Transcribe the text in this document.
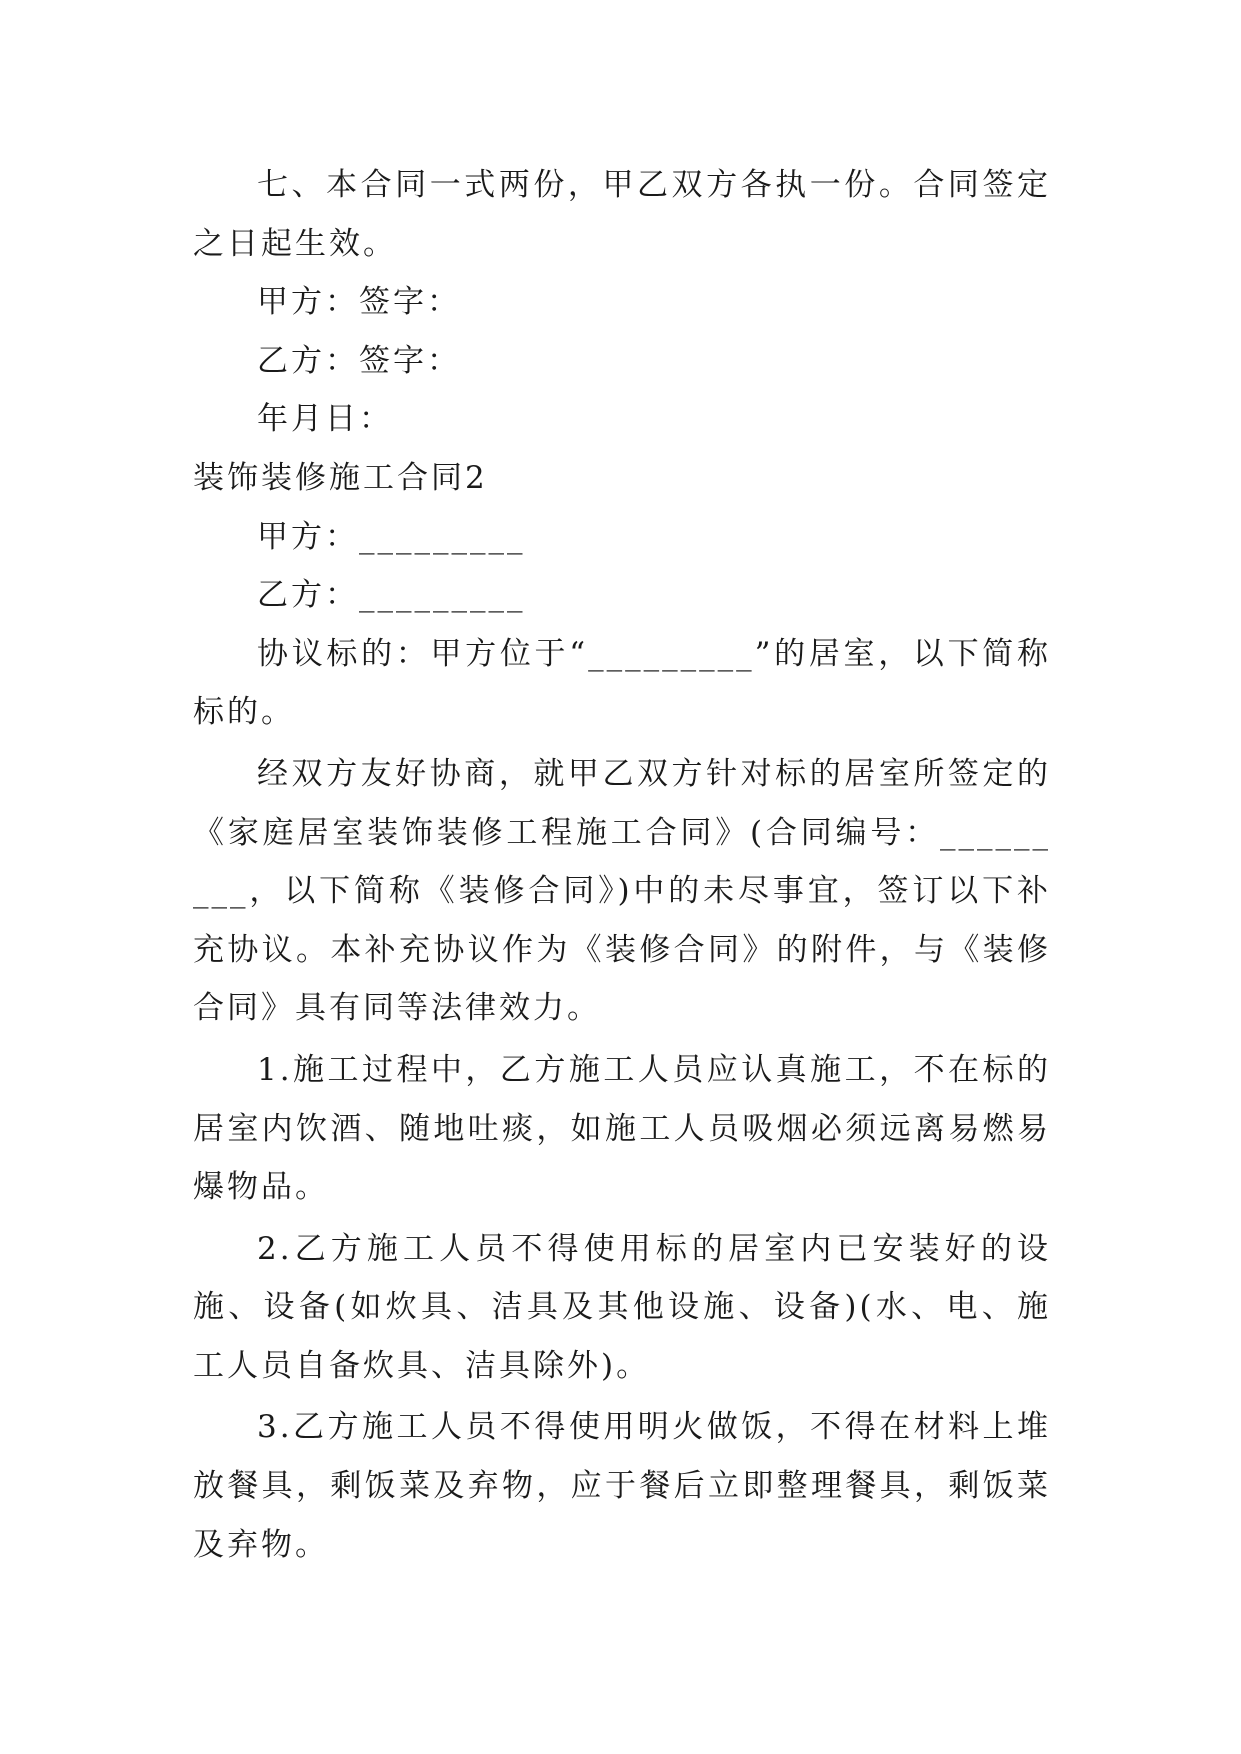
七、本合同一式两份，甲乙双方各执一份。合同签定之日起生效。

甲方：签字：

乙方：签字：

年月日：

装饰装修施工合同2

甲方：_________

乙方：_________

协议标的：甲方位于“_________”的居室，以下简称标的。

经双方友好协商，就甲乙双方针对标的居室所签定的《家庭居室装饰装修工程施工合同》(合同编号：_________，以下简称《装修合同》)中的未尽事宜，签订以下补充协议。本补充协议作为《装修合同》的附件，与《装修合同》具有同等法律效力。

1.施工过程中，乙方施工人员应认真施工，不在标的居室内饮酒、随地吐痰，如施工人员吸烟必须远离易燃易爆物品。

2.乙方施工人员不得使用标的居室内已安装好的设施、设备(如炊具、洁具及其他设施、设备)(水、电、施工人员自备炊具、洁具除外)。

3.乙方施工人员不得使用明火做饭，不得在材料上堆放餐具，剩饭菜及弃物，应于餐后立即整理餐具，剩饭菜及弃物。
